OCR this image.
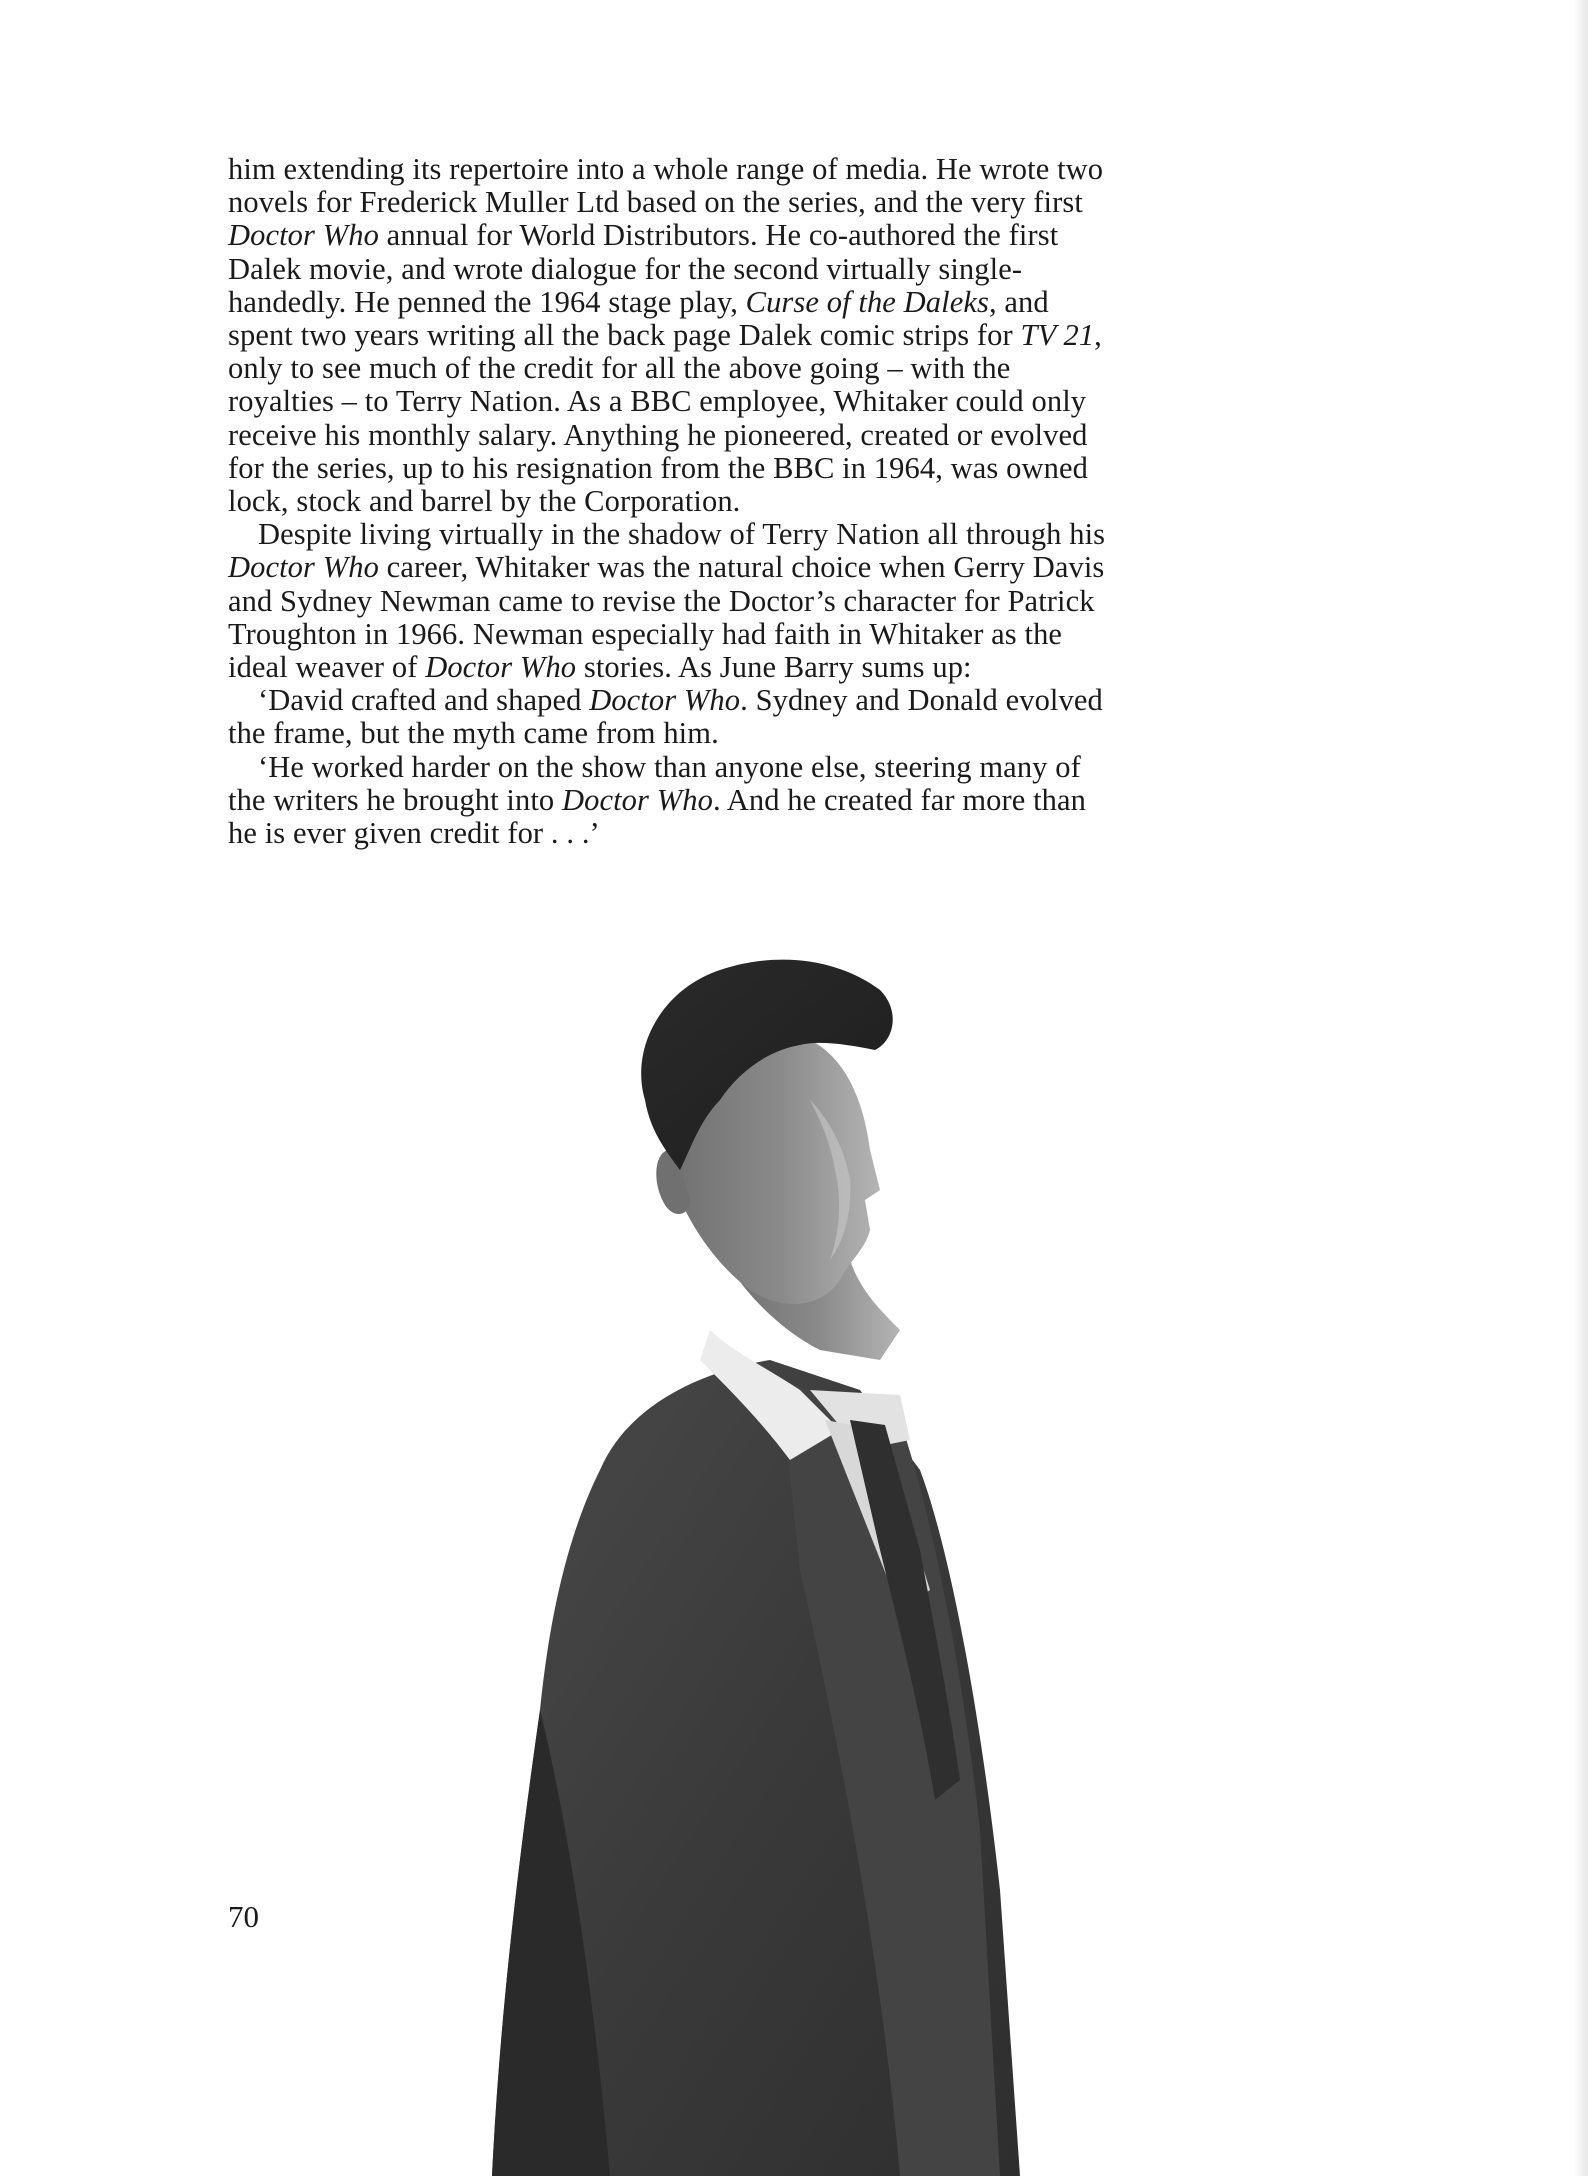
him extending its repertoire into a whole range of media. He wrote two novels for Frederick Muller Ltd based on the series, and the very first Doctor Who annual for World Distributors. He co-authored the first Dalek movie, and wrote dialogue for the second virtually single-handedly. He penned the 1964 stage play, Curse of the Daleks, and spent two years writing all the back page Dalek comic strips for TV 21, only to see much of the credit for all the above going – with the royalties – to Terry Nation. As a BBC employee, Whitaker could only receive his monthly salary. Anything he pioneered, created or evolved for the series, up to his resignation from the BBC in 1964, was owned lock, stock and barrel by the Corporation.

Despite living virtually in the shadow of Terry Nation all through his Doctor Who career, Whitaker was the natural choice when Gerry Davis and Sydney Newman came to revise the Doctor’s character for Patrick Troughton in 1966. Newman especially had faith in Whitaker as the ideal weaver of Doctor Who stories. As June Barry sums up:

‘David crafted and shaped Doctor Who. Sydney and Donald evolved the frame, but the myth came from him.

‘He worked harder on the show than anyone else, steering many of the writers he brought into Doctor Who. And he created far more than he is ever given credit for . . .’

70
